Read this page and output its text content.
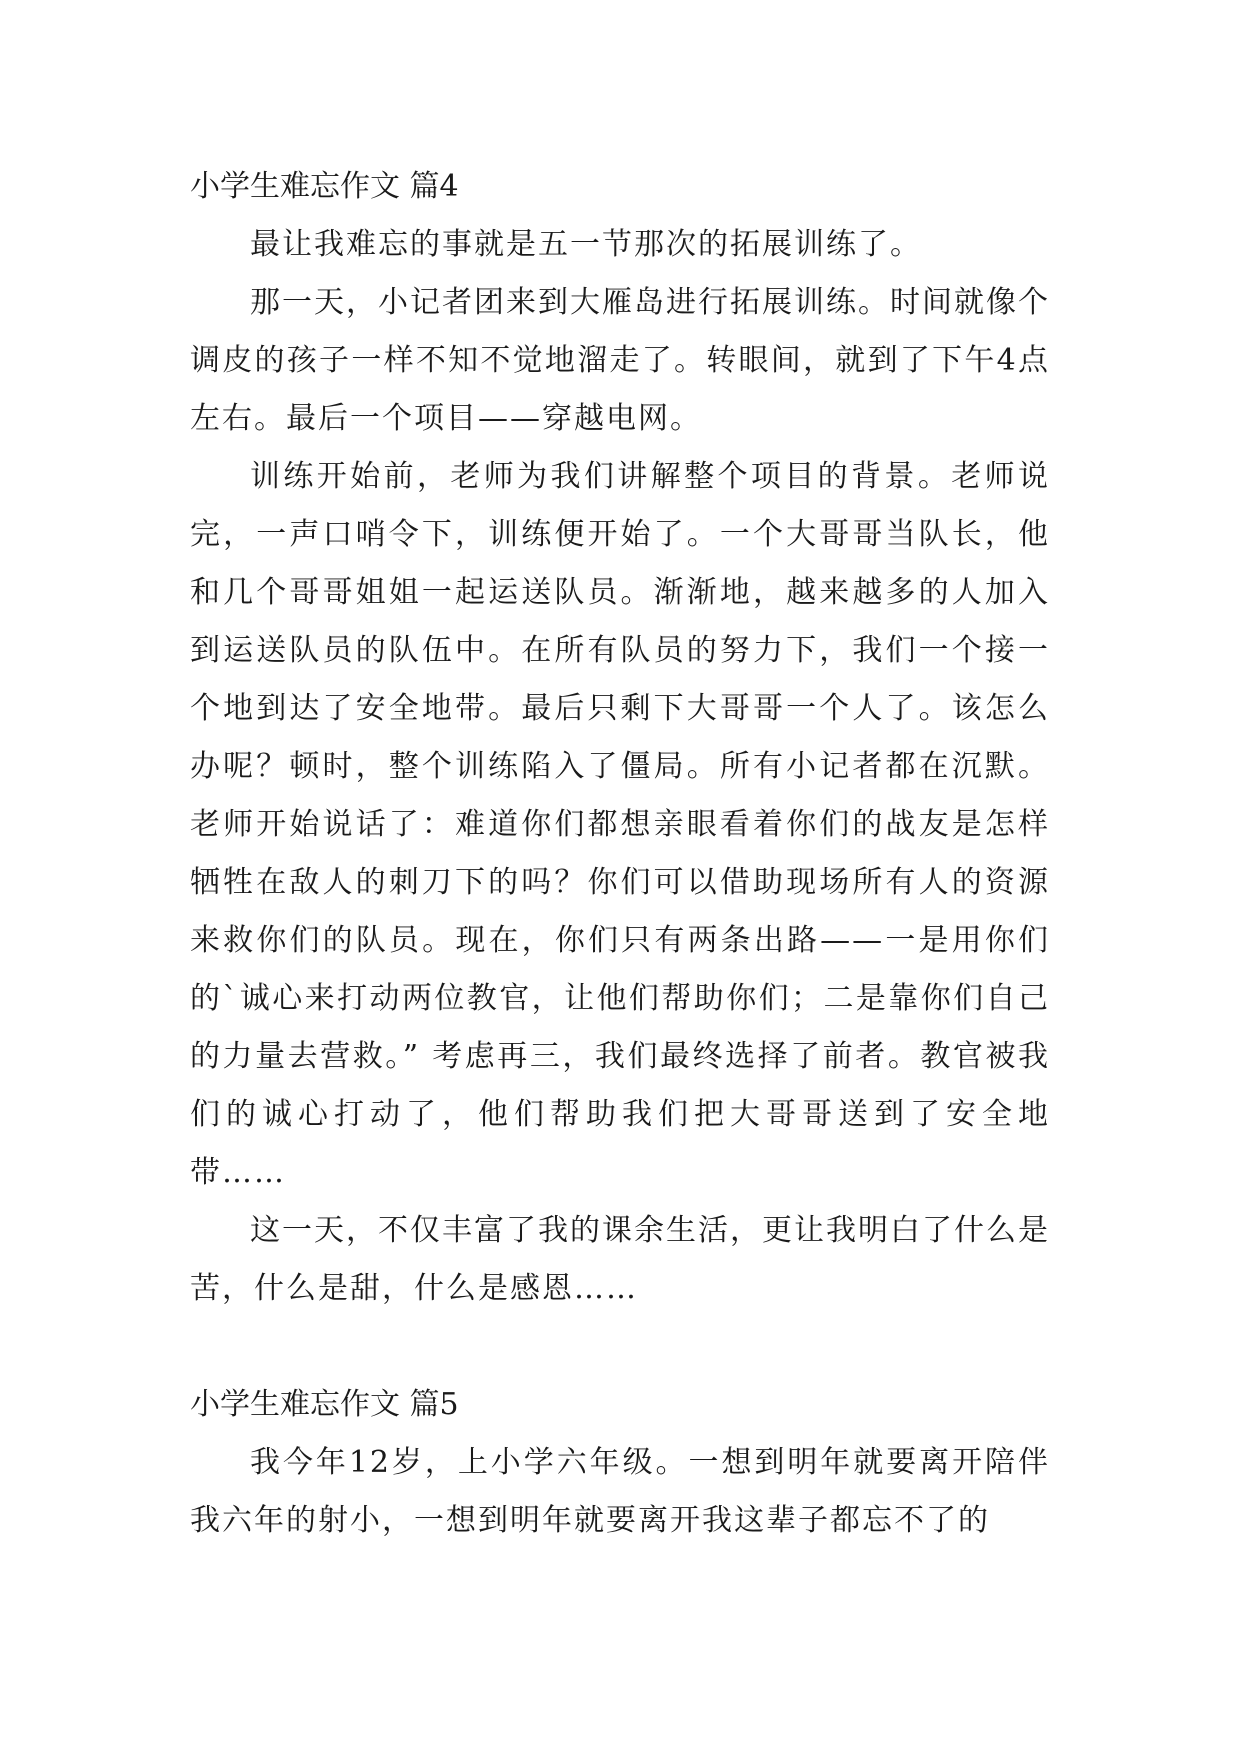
小学生难忘作文 篇4

最让我难忘的事就是五一节那次的拓展训练了。

那一天，小记者团来到大雁岛进行拓展训练。时间就像个调皮的孩子一样不知不觉地溜走了。转眼间，就到了下午4点左右。最后一个项目——穿越电网。

训练开始前，老师为我们讲解整个项目的背景。老师说完，一声口哨令下，训练便开始了。一个大哥哥当队长，他和几个哥哥姐姐一起运送队员。渐渐地，越来越多的人加入到运送队员的队伍中。在所有队员的努力下，我们一个接一个地到达了安全地带。最后只剩下大哥哥一个人了。该怎么办呢？顿时，整个训练陷入了僵局。所有小记者都在沉默。老师开始说话了：难道你们都想亲眼看着你们的战友是怎样牺牲在敌人的刺刀下的吗？你们可以借助现场所有人的资源来救你们的队员。现在，你们只有两条出路——一是用你们的`诚心来打动两位教官，让他们帮助你们；二是靠你们自己的力量去营救。” 考虑再三，我们最终选择了前者。教官被我们的诚心打动了，他们帮助我们把大哥哥送到了安全地带……

这一天，不仅丰富了我的课余生活，更让我明白了什么是苦，什么是甜，什么是感恩……

小学生难忘作文 篇5

我今年12岁，上小学六年级。一想到明年就要离开陪伴我六年的射小，一想到明年就要离开我这辈子都忘不了的
